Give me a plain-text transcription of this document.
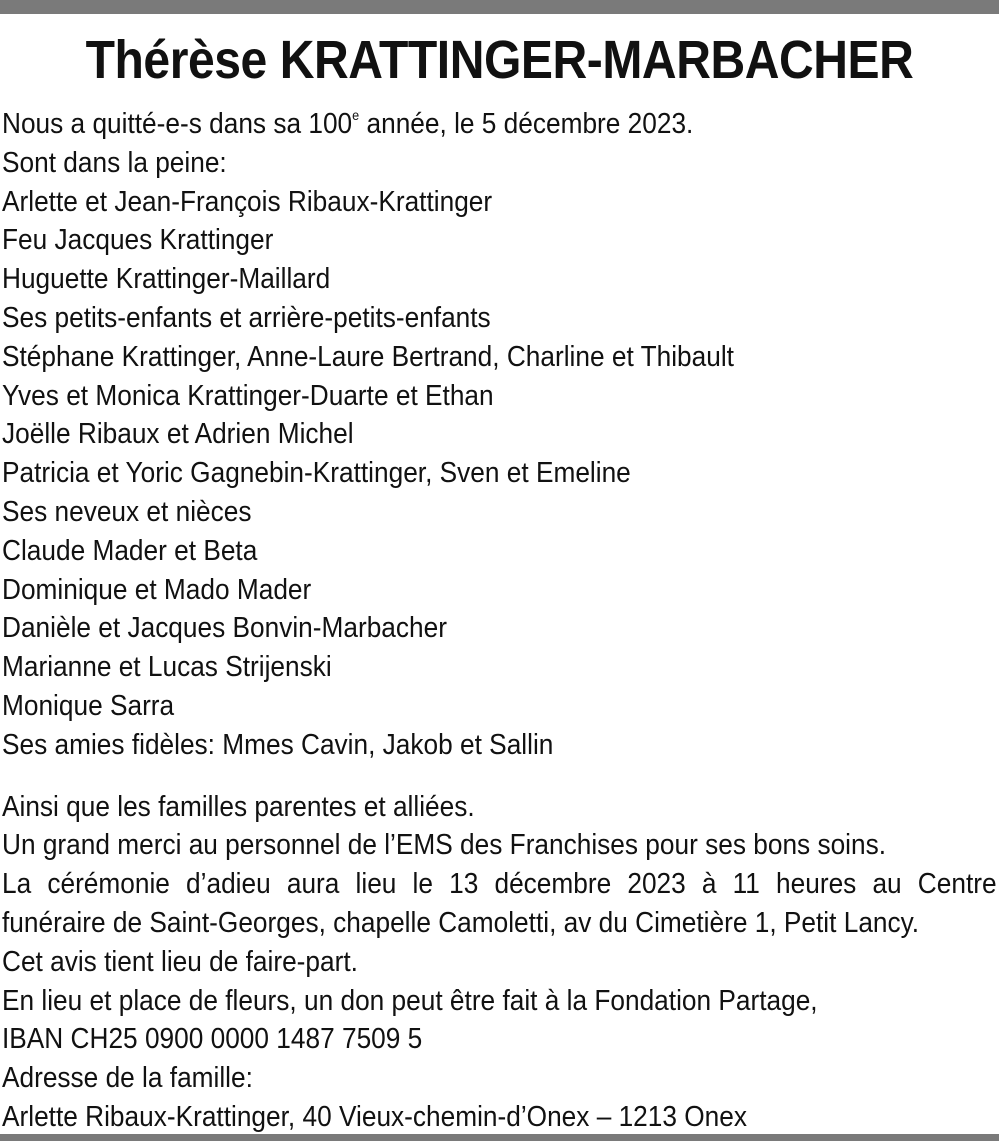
Thérèse KRATTINGER-MARBACHER
Nous a quitté-e-s dans sa 100e année, le 5 décembre 2023.
Sont dans la peine:
Arlette et Jean-François Ribaux-Krattinger
Feu Jacques Krattinger
Huguette Krattinger-Maillard
Ses petits-enfants et arrière-petits-enfants
Stéphane Krattinger, Anne-Laure Bertrand, Charline et Thibault
Yves et Monica Krattinger-Duarte et Ethan
Joëlle Ribaux et Adrien Michel
Patricia et Yoric Gagnebin-Krattinger, Sven et Emeline
Ses neveux et nièces
Claude Mader et Beta
Dominique et Mado Mader
Danièle et Jacques Bonvin-Marbacher
Marianne et Lucas Strijenski
Monique Sarra
Ses amies fidèles: Mmes Cavin, Jakob et Sallin
Ainsi que les familles parentes et alliées.
Un grand merci au personnel de l’EMS des Franchises pour ses bons soins.
La cérémonie d’adieu aura lieu le 13 décembre 2023 à 11 heures au Centre
funéraire de Saint-Georges, chapelle Camoletti, av du Cimetière 1, Petit Lancy.
Cet avis tient lieu de faire-part.
En lieu et place de fleurs, un don peut être fait à la Fondation Partage,
IBAN CH25 0900 0000 1487 7509 5
Adresse de la famille:
Arlette Ribaux-Krattinger, 40 Vieux-chemin-d’Onex – 1213 Onex
